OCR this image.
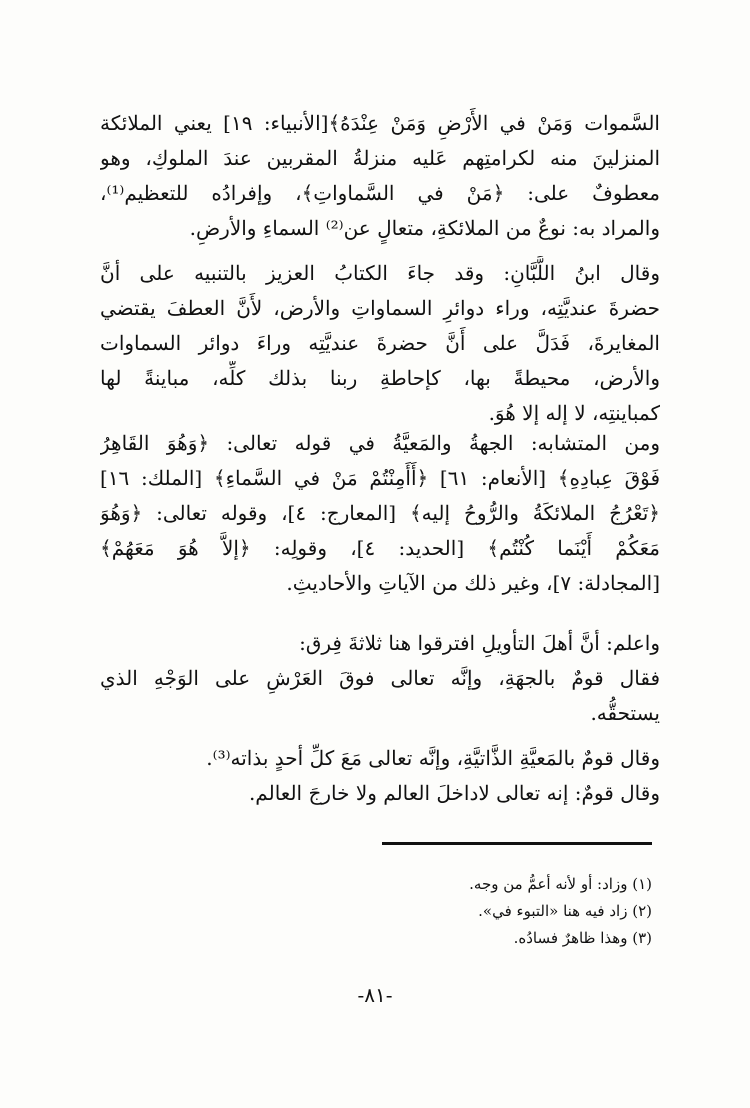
السَّموات وَمَنْ في الأَرْضِ وَمَنْ عِنْدَهُ﴾[الأنبياء: ١٩] يعني الملائكة
المنزلينَ منه لكرامتِهم عَليه منزلةُ المقربين عندَ الملوكِ، وهو
معطوفٌ على: ﴿مَنْ في السَّماواتِ﴾، وإفرادُه للتعظيم⁽¹⁾،
والمراد به: نوعٌ من الملائكةِ، متعالٍ عن⁽²⁾ السماءِ والأرضِ.
وقال ابنُ اللَّبَّانِ: وقد جاءَ الكتابُ العزيز بالتنبيه على أنَّ
حضرةَ عنديَّتِه، وراء دوائرِ السماواتِ والأرض، لأَنَّ العطفَ يقتضي
المغايرةَ، فَدَلَّ على أَنَّ حضرةَ عنديَّتِه وراءَ دوائر السماوات
والأرض، محيطةً بها، كإحاطةِ ربنا بذلك كلِّه، مباينةً لها
كمباينتِه، لا إله إلا هُوَ.
ومن المتشابه: الجهةُ والمَعيَّةُ في قوله تعالى: ﴿وَهُوَ القَاهِرُ
فَوْقَ عِبادِهِ﴾ [الأنعام: ٦١] ﴿أَأَمِنْتُمْ مَنْ في السَّماءِ﴾ [الملك: ١٦]
﴿تَعْرُجُ الملائكَةُ والرُّوحُ إليه﴾ [المعارج: ٤]، وقوله تعالى: ﴿وَهُوَ
مَعَكُمْ أَيْنَما كُنْتُم﴾ [الحديد: ٤]، وقولِه: ﴿إلاَّ هُوَ مَعَهُمْ﴾
[المجادلة: ٧]، وغير ذلك من الآياتِ والأحاديثِ.
واعلم: أنَّ أهلَ التأويلِ افترقوا هنا ثلاثةَ فِرق:
فقال قومٌ بالجهَةِ، وإنَّه تعالى فوقَ العَرْشِ على الوَجْهِ الذي
يستحقُّه.
وقال قومٌ بالمَعيَّةِ الذَّاتيَّةِ، وإنَّه تعالى مَعَ كلِّ أحدٍ بذاته⁽³⁾.
وقال قومٌ: إنه تعالى لاداخلَ العالم ولا خارجَ العالم.
(١) وزاد: أو لأنه أعمُّ من وجه.
(٢) زاد فيه هنا «التبوء في».
(٣) وهذا ظاهرٌ فسادُه.
-٨١-
